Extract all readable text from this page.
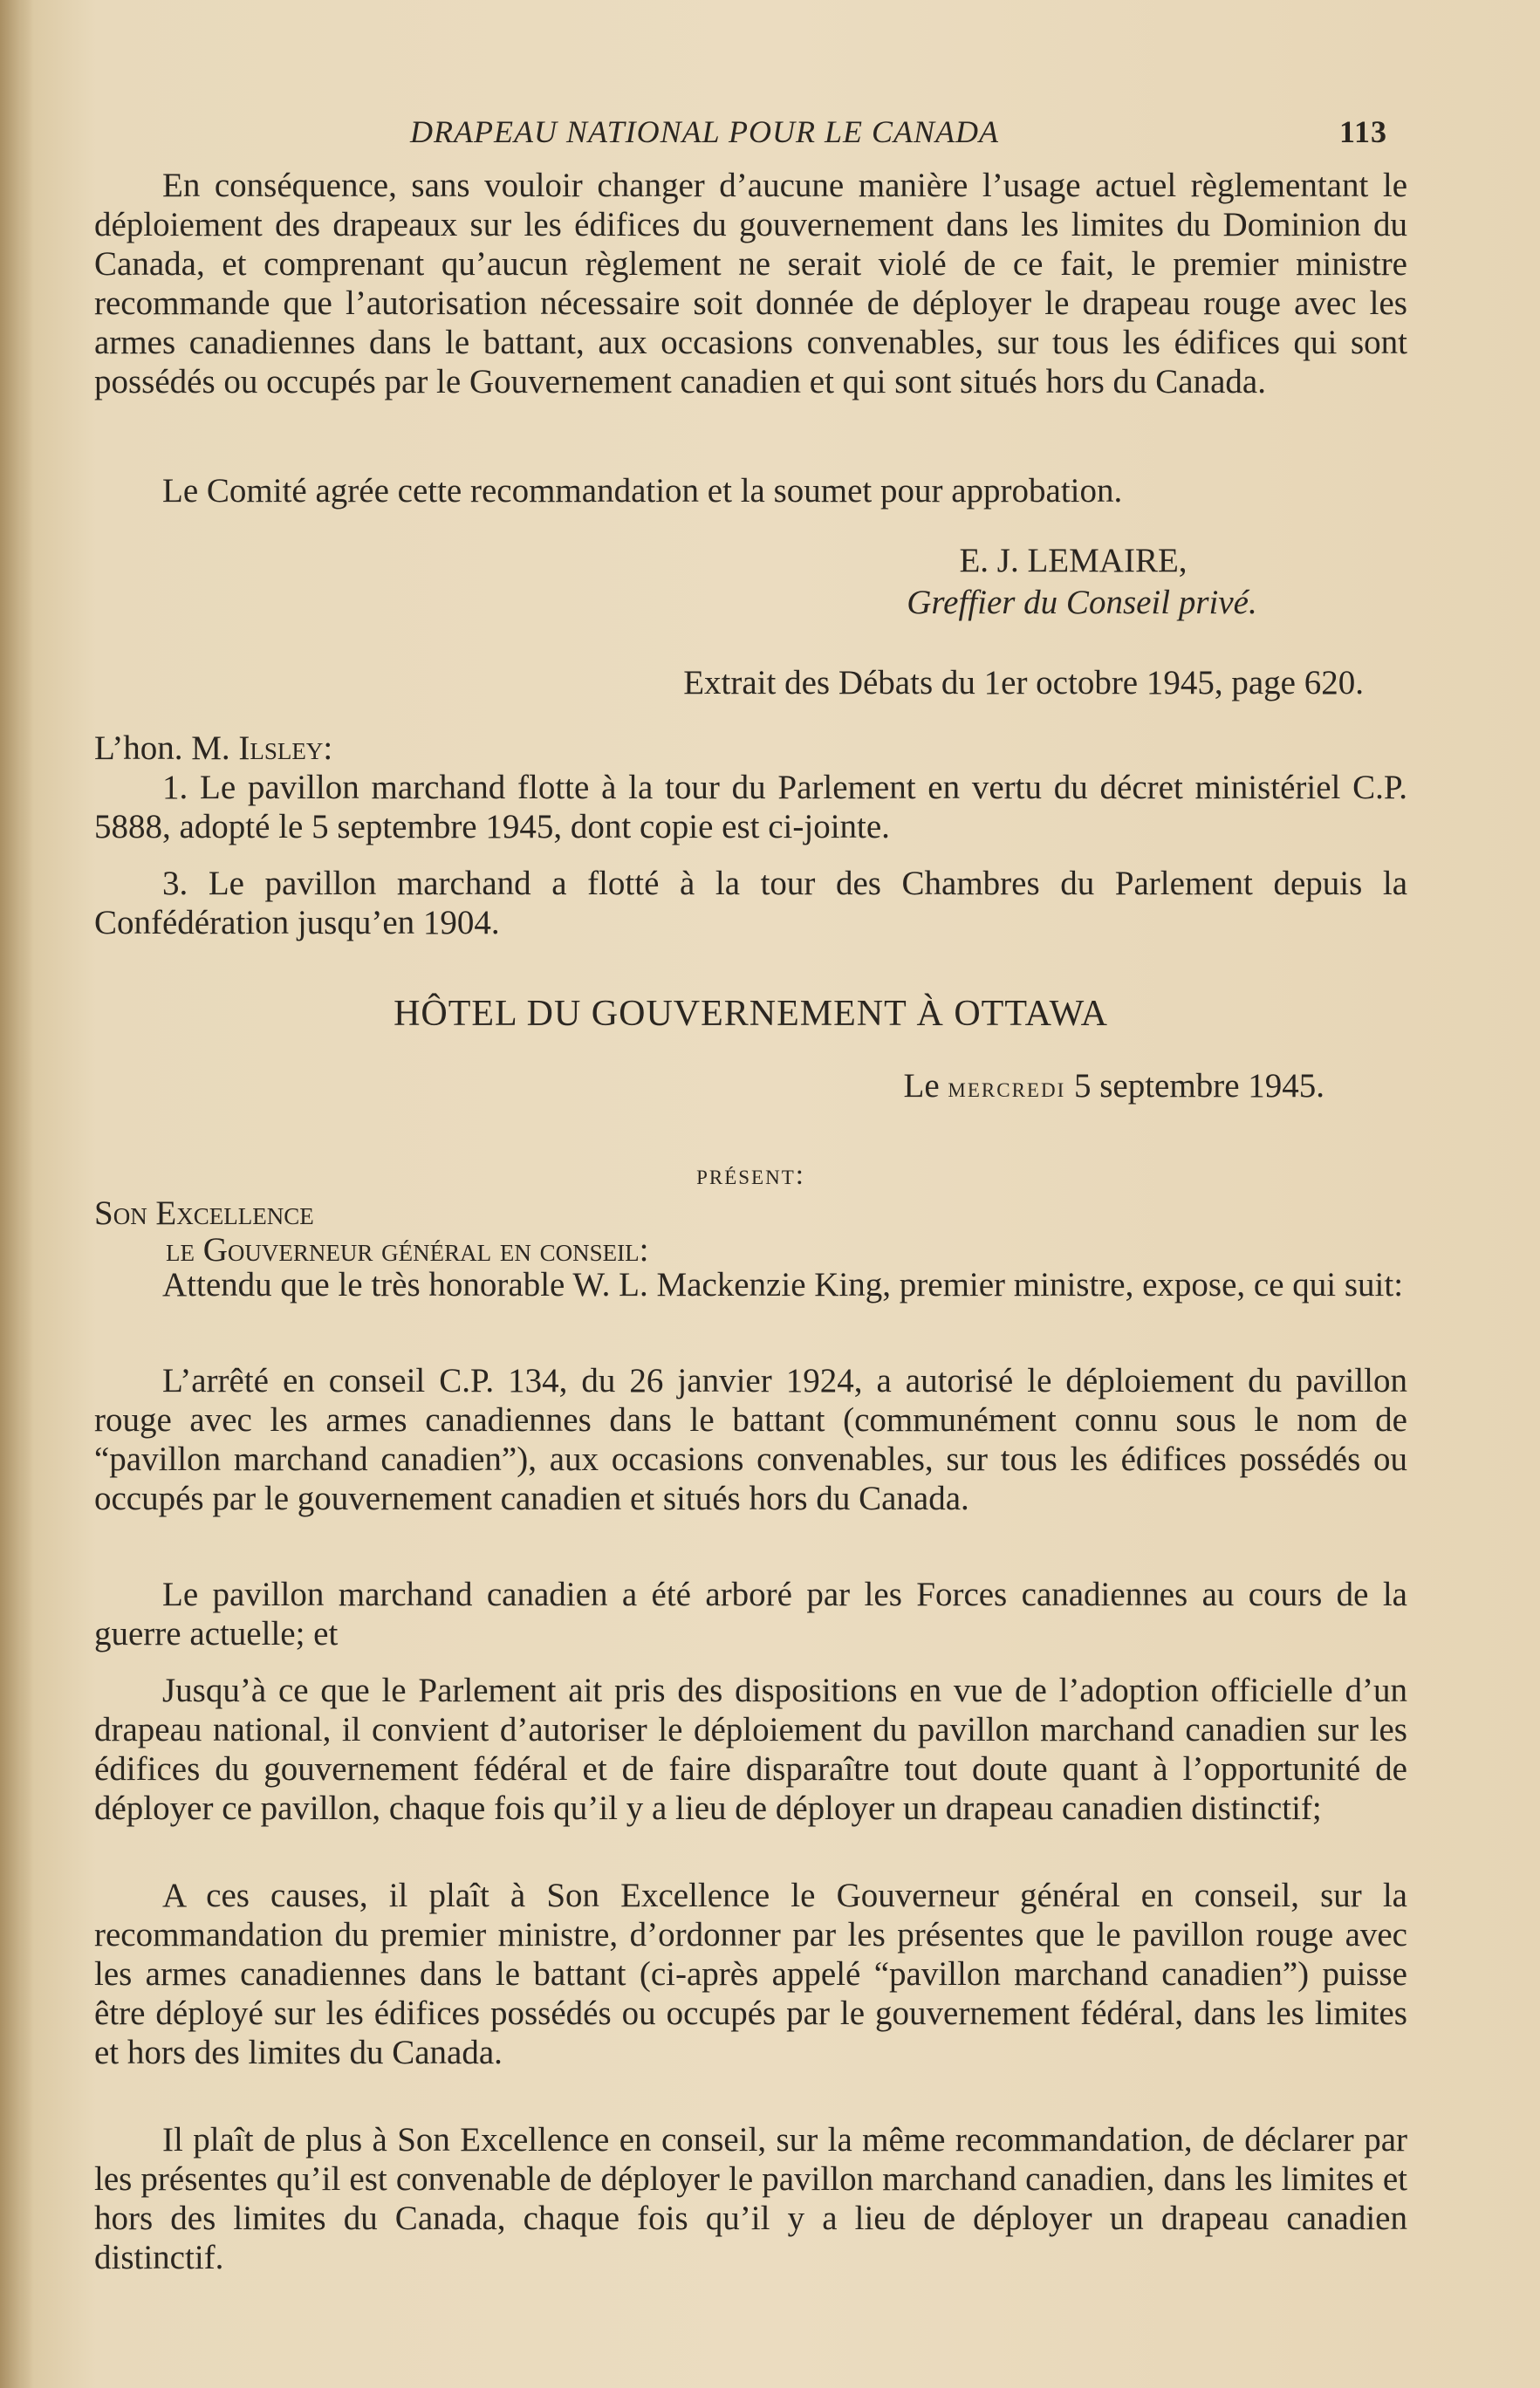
DRAPEAU NATIONAL POUR LE CANADA	113

En conséquence, sans vouloir changer d’aucune manière l’usage actuel règlementant le déploiement des drapeaux sur les édifices du gouvernement dans les limites du Dominion du Canada, et comprenant qu’aucun règlement ne serait violé de ce fait, le premier ministre recommande que l’autorisation nécessaire soit donnée de déployer le drapeau rouge avec les armes canadiennes dans le battant, aux occasions convenables, sur tous les édifices qui sont possédés ou occupés par le Gouvernement canadien et qui sont situés hors du Canada.

Le Comité agrée cette recommandation et la soumet pour approbation.

E. J. LEMAIRE,
Greffier du Conseil privé.
Extrait des Débats du 1er octobre 1945, page 620.
L’hon. M. Ilsley:

1. Le pavillon marchand flotte à la tour du Parlement en vertu du décret ministériel C.P. 5888, adopté le 5 septembre 1945, dont copie est ci-jointe.

3. Le pavillon marchand a flotté à la tour des Chambres du Parlement depuis la Confédération jusqu’en 1904.

HÔTEL DU GOUVERNEMENT À OTTAWA
Le mercredi 5 septembre 1945.
présent:
Son Excellence
le Gouverneur général en conseil:

Attendu que le très honorable W. L. Mackenzie King, premier ministre, expose, ce qui suit:

L’arrêté en conseil C.P. 134, du 26 janvier 1924, a autorisé le déploiement du pavillon rouge avec les armes canadiennes dans le battant (communément connu sous le nom de “pavillon marchand canadien”), aux occasions convenables, sur tous les édifices possédés ou occupés par le gouvernement canadien et situés hors du Canada.

Le pavillon marchand canadien a été arboré par les Forces canadiennes au cours de la guerre actuelle; et

Jusqu’à ce que le Parlement ait pris des dispositions en vue de l’adoption officielle d’un drapeau national, il convient d’autoriser le déploiement du pavillon marchand canadien sur les édifices du gouvernement fédéral et de faire disparaître tout doute quant à l’opportunité de déployer ce pavillon, chaque fois qu’il y a lieu de déployer un drapeau canadien distinctif;

A ces causes, il plaît à Son Excellence le Gouverneur général en conseil, sur la recommandation du premier ministre, d’ordonner par les présentes que le pavillon rouge avec les armes canadiennes dans le battant (ci-après appelé “pavillon marchand canadien”) puisse être déployé sur les édifices possédés ou occupés par le gouvernement fédéral, dans les limites et hors des limites du Canada.

Il plaît de plus à Son Excellence en conseil, sur la même recommandation, de déclarer par les présentes qu’il est convenable de déployer le pavillon marchand canadien, dans les limites et hors des limites du Canada, chaque fois qu’il y a lieu de déployer un drapeau canadien distinctif.
